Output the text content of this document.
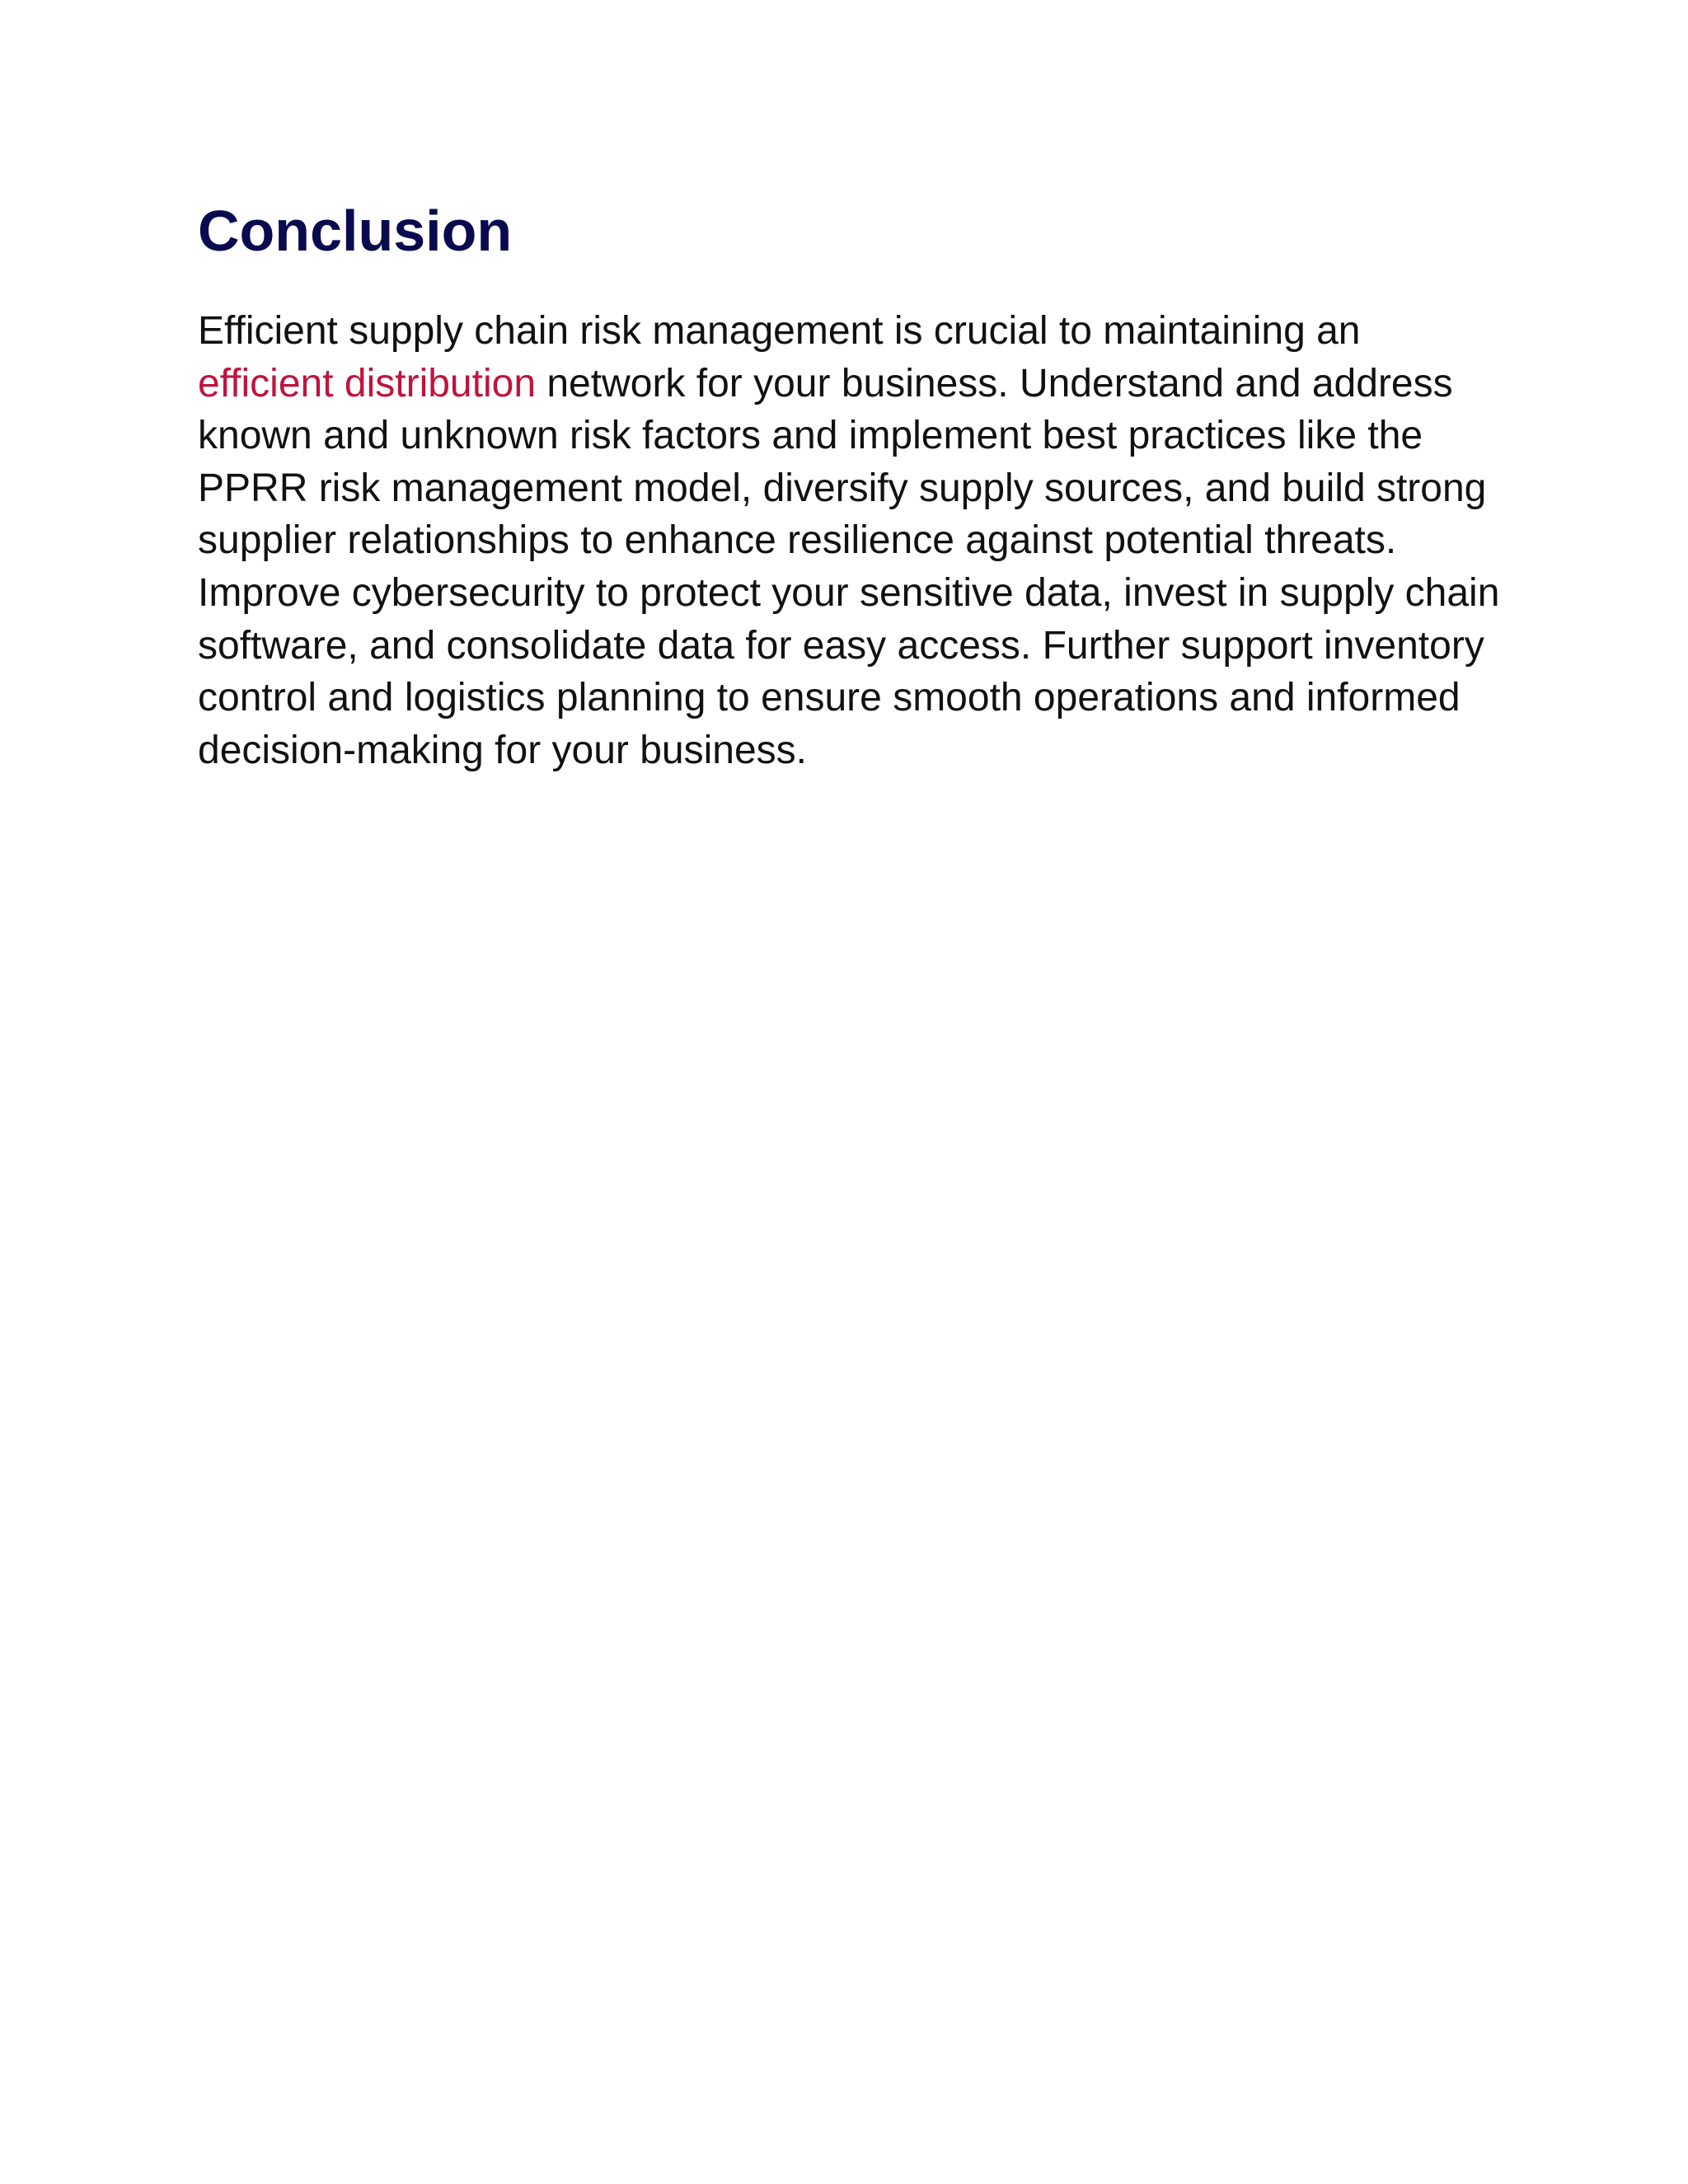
Conclusion

Efficient supply chain risk management is crucial to maintaining an efficient distribution network for your business. Understand and address known and unknown risk factors and implement best practices like the PPRR risk management model, diversify supply sources, and build strong supplier relationships to enhance resilience against potential threats. Improve cybersecurity to protect your sensitive data, invest in supply chain software, and consolidate data for easy access. Further support inventory control and logistics planning to ensure smooth operations and informed decision-making for your business.
